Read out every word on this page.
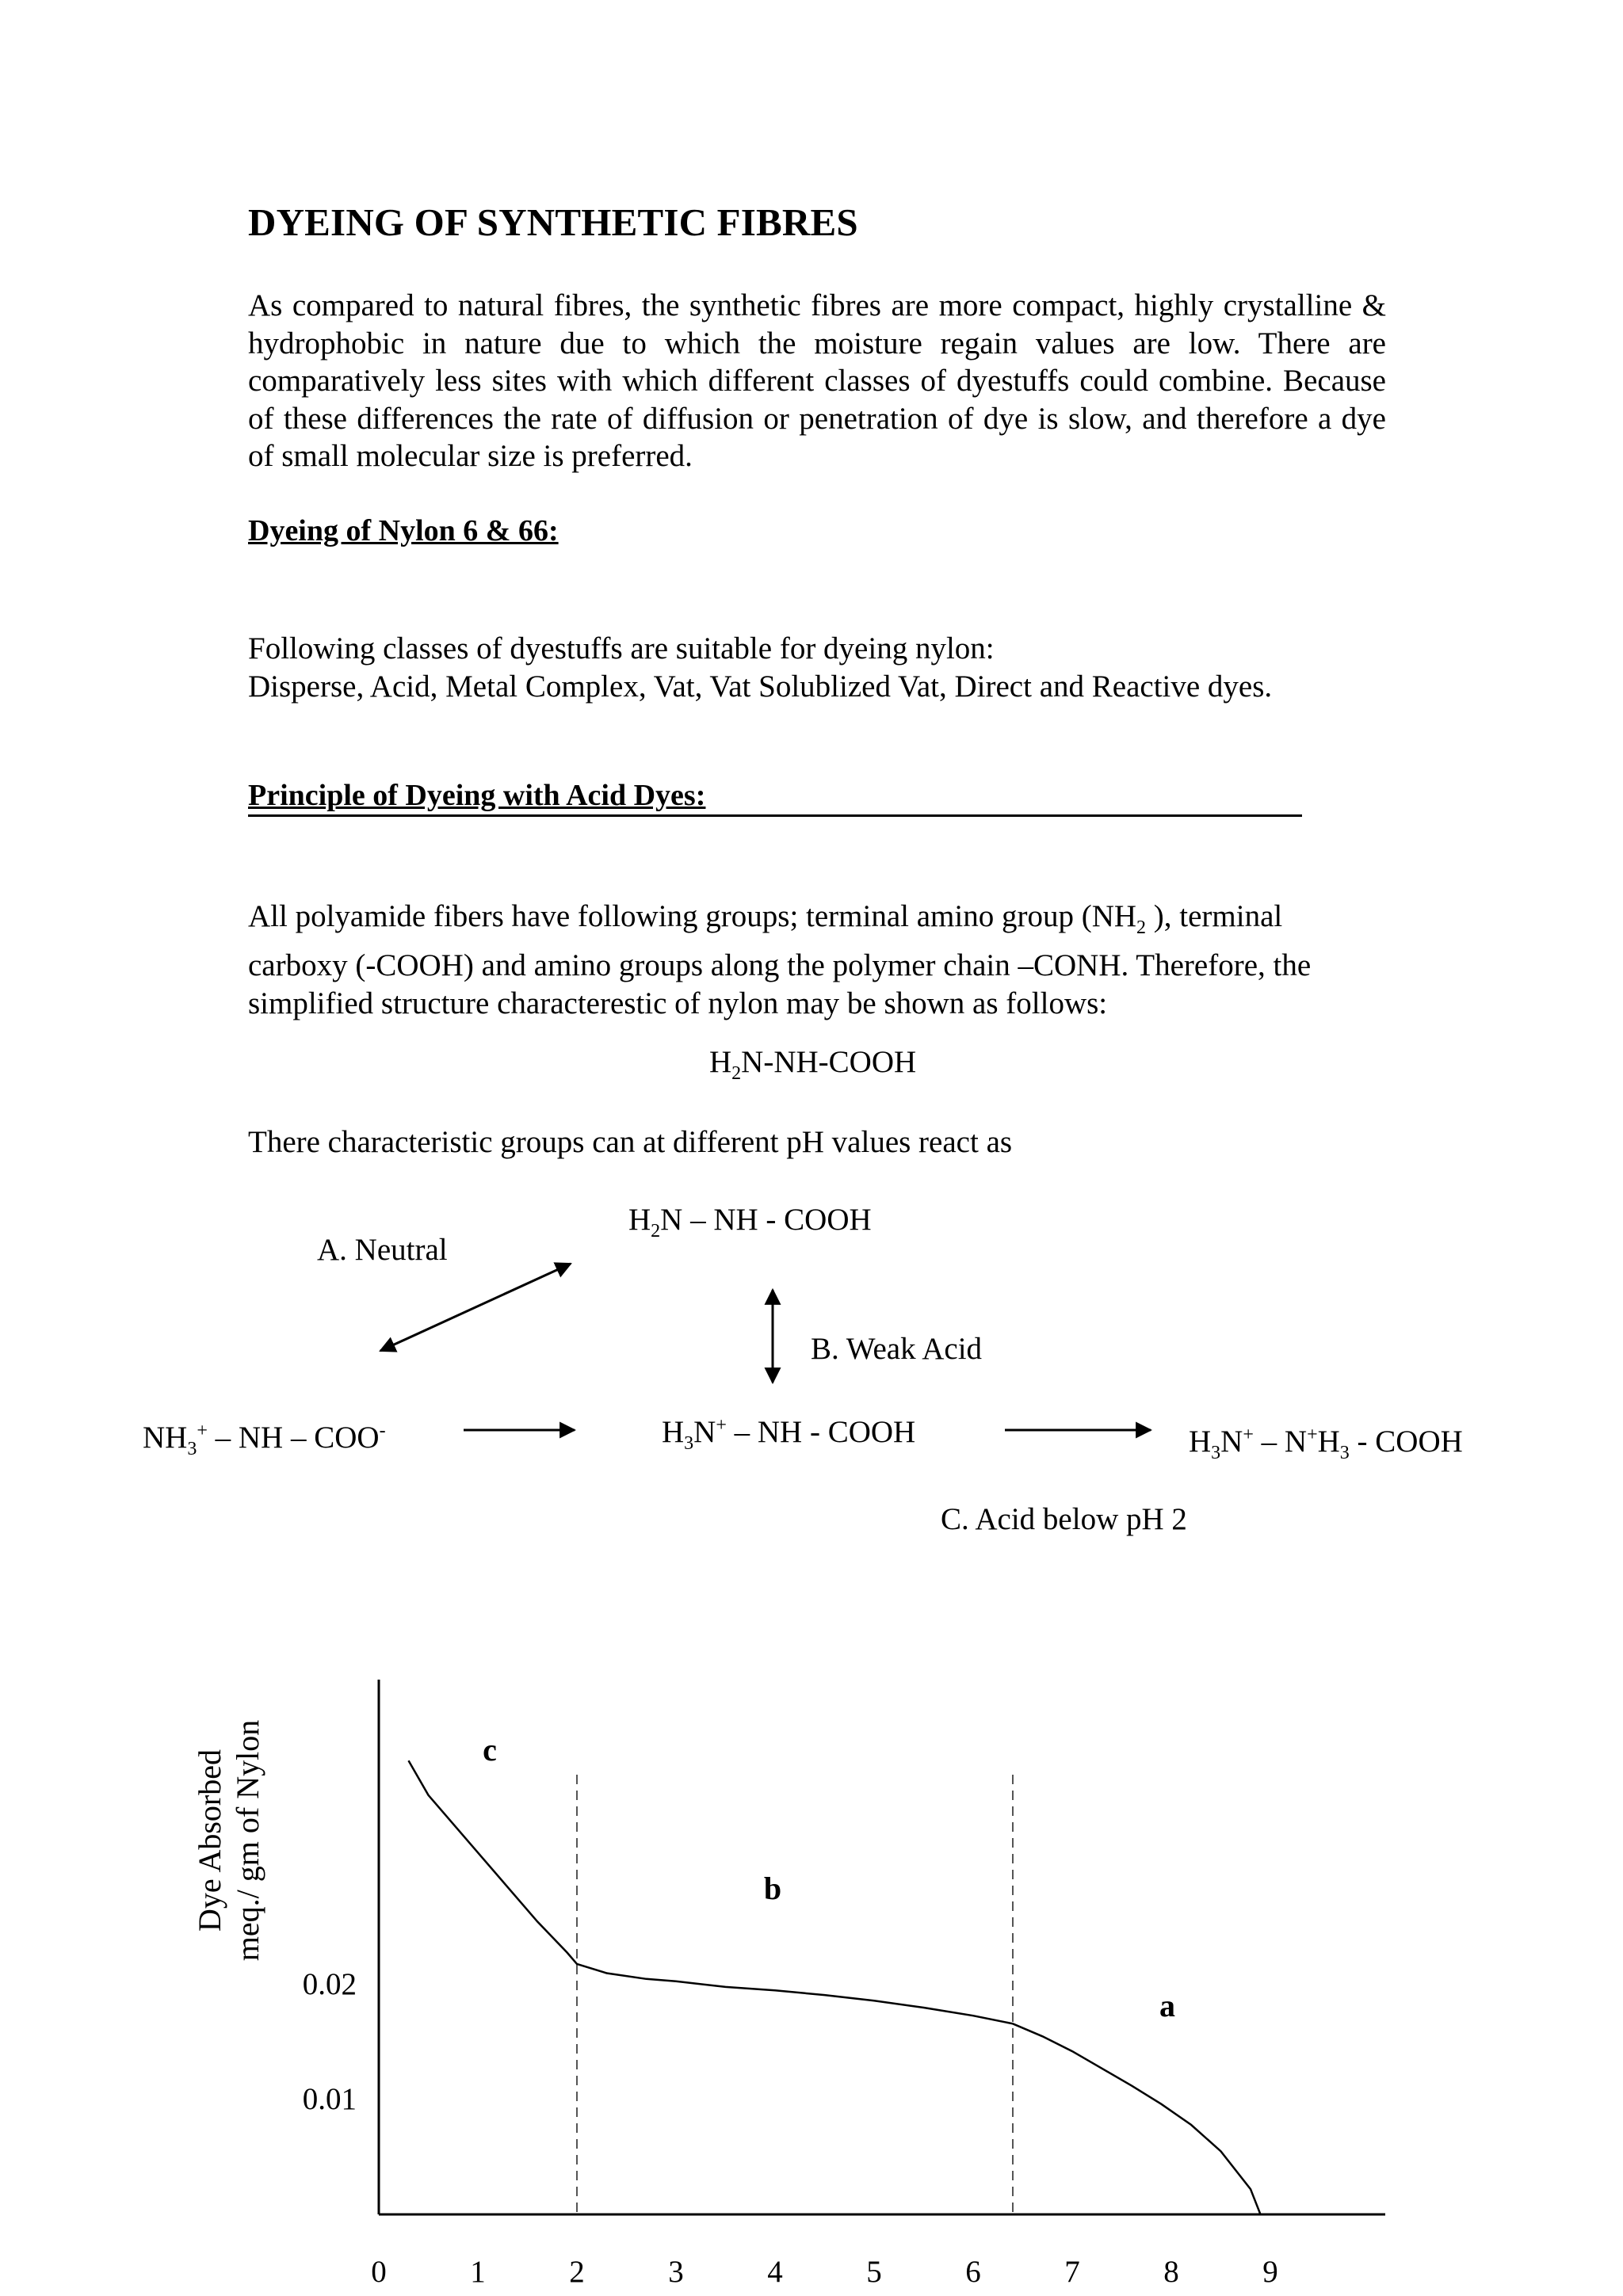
DYEING OF SYNTHETIC FIBRES
As compared to natural fibres, the synthetic fibres are more compact, highly crystalline & hydrophobic in nature due to which the moisture regain values are low. There are comparatively less sites with which different classes of dyestuffs could combine. Because of these differences the rate of diffusion or penetration of dye is slow, and therefore a dye of small molecular size is preferred.
Dyeing of Nylon 6 & 66:
Following classes of dyestuffs are suitable for dyeing nylon:
Disperse, Acid, Metal Complex, Vat, Vat Solublized Vat, Direct and Reactive dyes.
Principle of Dyeing with Acid Dyes:
All polyamide fibers have following groups; terminal amino group ($NH_2$ ), terminal carboxy (-COOH) and amino groups along the polymer chain –CONH. Therefore, the simplified structure characterestic of nylon may be shown as follows:
$H_2N-NH$-COOH
There characteristic groups can at different pH values react as
$H_2N$ – NH - COOH
A. Neutral
B. Weak Acid
$NH_3^+$ – NH – COO-	$H_3N^+$ – NH - COOH	$H_3N^+ - N^+H_3$ - COOH
C. Acid below pH 2
0	1	2	3	4	5	6	7	8	9
0.01
0.02
c
b
a
Dye Absorbed meq./ gm of Nylon
